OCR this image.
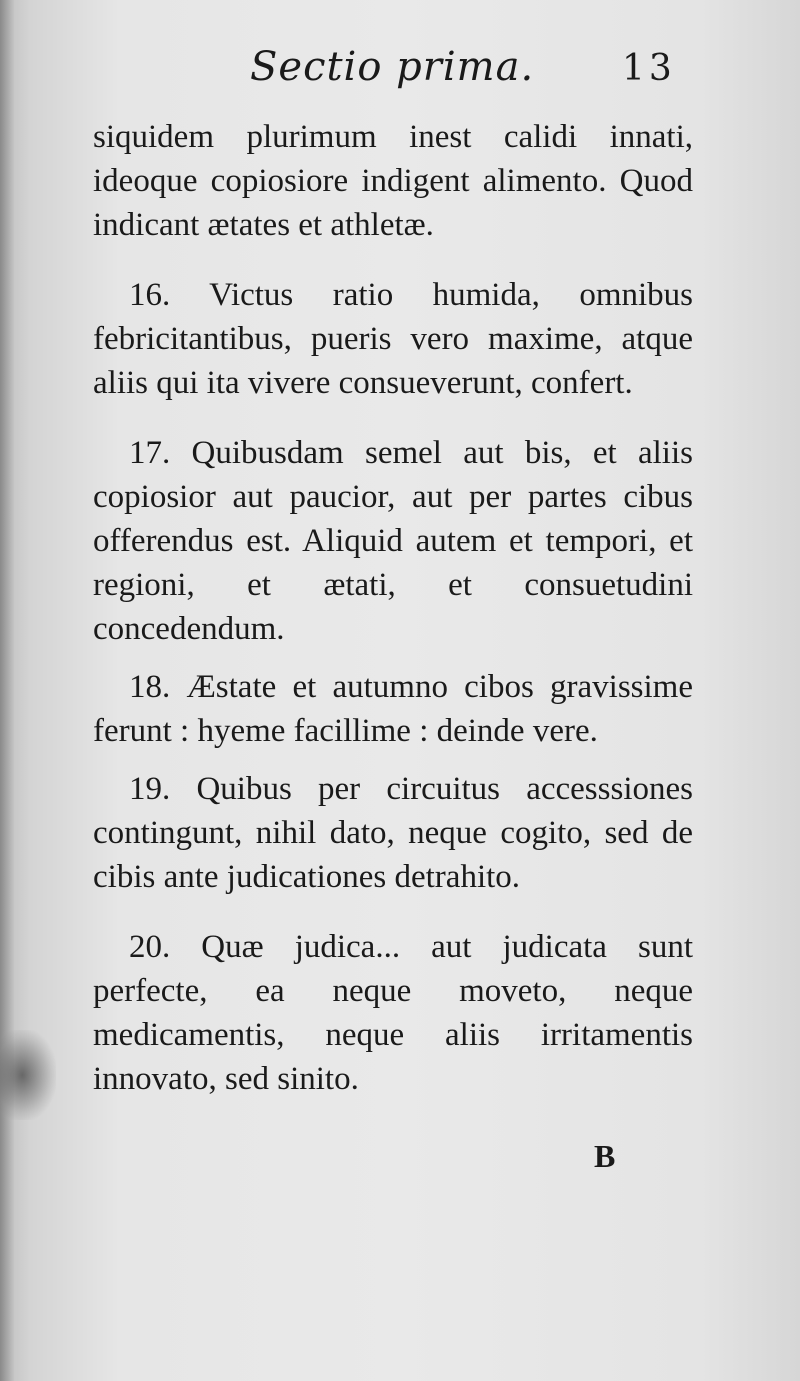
Sectio prima. 13

siquidem plurimum inest calidi innati, ideoque copiosiore indigent alimento. Quod indicant ætates et athletæ.

16. Victus ratio humida, omnibus febricitantibus, pueris vero maxime, atque aliis qui ita vivere consueverunt, confert.

17. Quibusdam semel aut bis, et aliis copiosior aut paucior, aut per partes cibus offerendus est. Aliquid autem et tempori, et regioni, et ætati, et consuetudini concedendum.

18. Æstate et autumno cibos gravissime ferunt : hyeme facillime : deinde vere.

19. Quibus per circuitus accesssiones contingunt, nihil dato, neque cogito, sed de cibis ante judicationes detrahito.

20. Quæ judica... aut judicata sunt perfecte, ea neque moveto, neque medicamentis, neque aliis irritamentis innovato, sed sinito.

B
